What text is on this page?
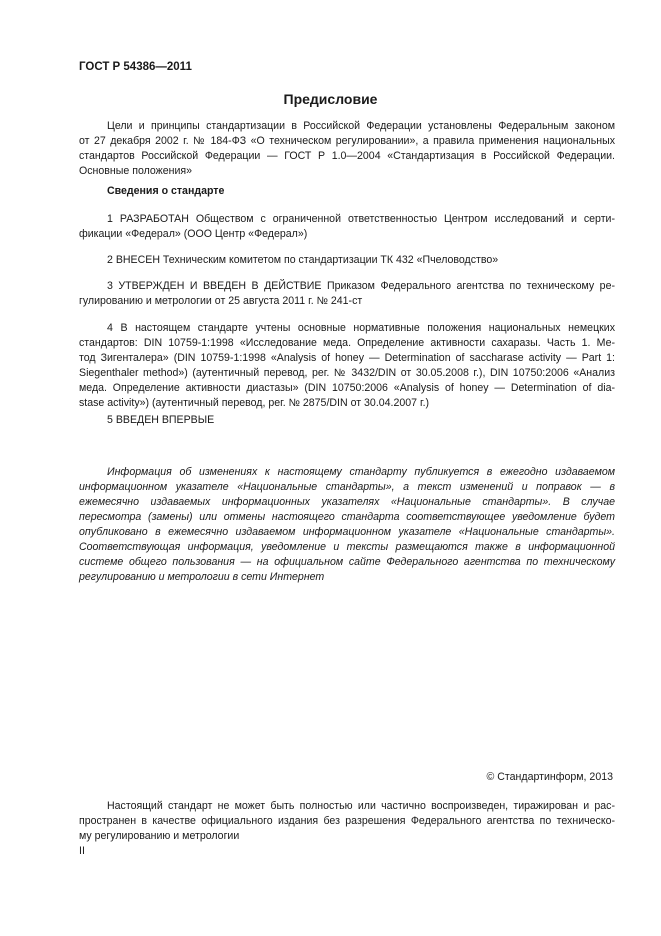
ГОСТ Р 54386—2011
Предисловие
Цели и принципы стандартизации в Российской Федерации установлены Федеральным законом
от 27 декабря 2002 г. № 184-ФЗ «О техническом регулировании», а правила применения национальных
стандартов Российской Федерации — ГОСТ Р 1.0—2004 «Стандартизация в Российской Федерации.
Основные положения»
Сведения о стандарте
1 РАЗРАБОТАН Обществом с ограниченной ответственностью Центром исследований и серти-
фикации «Федерал» (ООО Центр «Федерал»)
2 ВНЕСЕН Техническим комитетом по стандартизации ТК 432 «Пчеловодство»
3 УТВЕРЖДЕН И ВВЕДЕН В ДЕЙСТВИЕ Приказом Федерального агентства по техническому ре-
гулированию и метрологии от 25 августа 2011 г. № 241-ст
4 В настоящем стандарте учтены основные нормативные положения национальных немецких
стандартов: DIN 10759-1:1998 «Исследование меда. Определение активности сахаразы. Часть 1. Ме-
тод Зигенталера» (DIN 10759-1:1998 «Analysis of honey — Determination of saccharase activity — Part 1:
Siegenthaler method») (аутентичный перевод, рег. № 3432/DIN от 30.05.2008 г.), DIN 10750:2006 «Анализ
меда. Определение активности диастазы» (DIN 10750:2006 «Analysis of honey — Determination of dia-
stase activity») (аутентичный перевод, рег. № 2875/DIN от 30.04.2007 г.)
5 ВВЕДЕН ВПЕРВЫЕ
Информация об изменениях к настоящему стандарту публикуется в ежегодно издаваемом
информационном указателе «Национальные стандарты», а текст изменений и поправок — в
ежемесячно издаваемых информационных указателях «Национальные стандарты». В случае
пересмотра (замены) или отмены настоящего стандарта соответствующее уведомление будет
опубликовано в ежемесячно издаваемом информационном указателе «Национальные стандарты».
Соответствующая информация, уведомление и тексты размещаются также в информационной
системе общего пользования — на официальном сайте Федерального агентства по техническому
регулированию и метрологии в сети Интернет
© Стандартинформ, 2013
Настоящий стандарт не может быть полностью или частично воспроизведен, тиражирован и рас-
пространен в качестве официального издания без разрешения Федерального агентства по техническо-
му регулированию и метрологии
II
